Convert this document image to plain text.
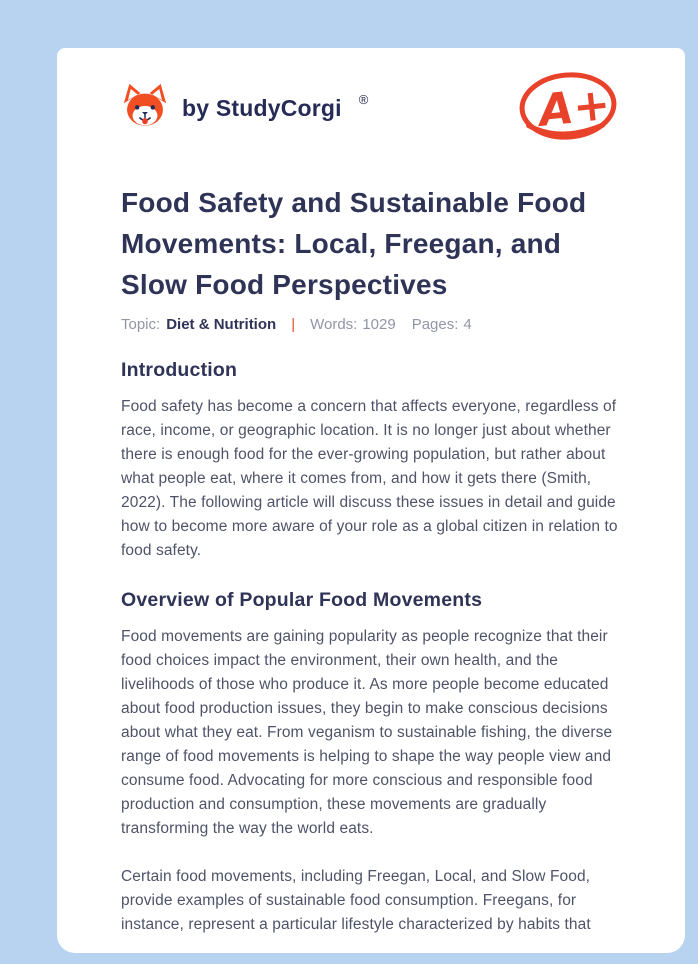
by StudyCorgi ®	A+
Food Safety and Sustainable Food Movements: Local, Freegan, and Slow Food Perspectives
Topic: Diet & Nutrition | Words: 1029 Pages: 4
Introduction

Food safety has become a concern that affects everyone, regardless of race, income, or geographic location. It is no longer just about whether there is enough food for the ever-growing population, but rather about what people eat, where it comes from, and how it gets there (Smith, 2022). The following article will discuss these issues in detail and guide how to become more aware of your role as a global citizen in relation to food safety.

Overview of Popular Food Movements

Food movements are gaining popularity as people recognize that their food choices impact the environment, their own health, and the livelihoods of those who produce it. As more people become educated about food production issues, they begin to make conscious decisions about what they eat. From veganism to sustainable fishing, the diverse range of food movements is helping to shape the way people view and consume food. Advocating for more conscious and responsible food production and consumption, these movements are gradually transforming the way the world eats.

Certain food movements, including Freegan, Local, and Slow Food, provide examples of sustainable food consumption. Freegans, for instance, represent a particular lifestyle characterized by habits that
